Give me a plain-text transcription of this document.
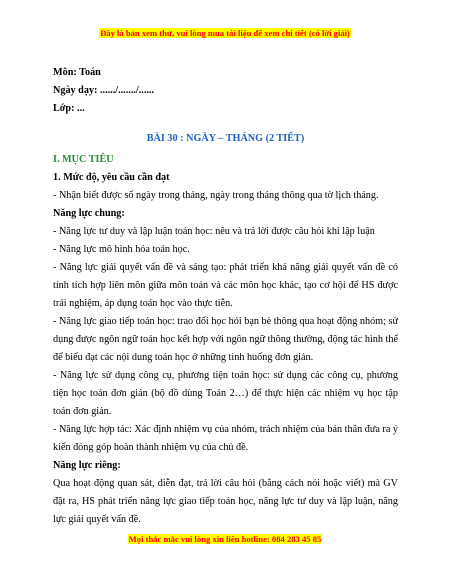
Đây là bản xem thử, vui lòng mua tài liệu để xem chi tiết (có lời giải)
Môn: Toán
Ngày dạy: ....../......./......
Lớp: ...
BÀI 30 : NGÀY – THÁNG (2 TIẾT)
I. MỤC TIÊU
1. Mức độ, yêu cầu cần đạt
- Nhận biết được số ngày trong tháng, ngày trong tháng thông qua tờ lịch tháng.
Năng lực chung:
- Năng lực tư duy và lập luận toán học: nêu và trả lời được câu hỏi khi lập luận
- Năng lực mô hình hóa toán học.
- Năng lực giải quyết vấn đề và sáng tạo: phát triển khả năng giải quyết vấn đề có tính tích hợp liên môn giữa môn toán và các môn học khác, tạo cơ hội để HS được trải nghiệm, áp dụng toán học vào thực tiễn.
- Năng lực giao tiếp toán học: trao đổi học hỏi bạn bè thông qua hoạt động nhóm; sử dụng được ngôn ngữ toán học kết hợp với ngôn ngữ thông thường, động tác hình thể để biểu đạt các nội dung toán học ở những tình huống đơn giản.
- Năng lực sử dụng công cụ, phương tiện toán học: sử dụng các công cụ, phương tiện học toán đơn giản (bộ đồ dùng Toán 2…) để thực hiện các nhiệm vụ học tập toán đơn giản.
- Năng lực hợp tác: Xác định nhiệm vụ của nhóm, trách nhiệm của bản thân đưa ra ý kiến đóng góp hoàn thành nhiệm vụ của chủ đề.
Năng lực riêng:
Qua hoạt động quan sát, diễn đạt, trả lời câu hỏi (bằng cách nói hoặc viết) mà GV đặt ra, HS phát triển năng lực giao tiếp toán học, năng lực tư duy và lập luận, năng lực giải quyết vấn đề.
Mọi thắc mắc vui lòng xin liên hotline: 084 283 45 85
